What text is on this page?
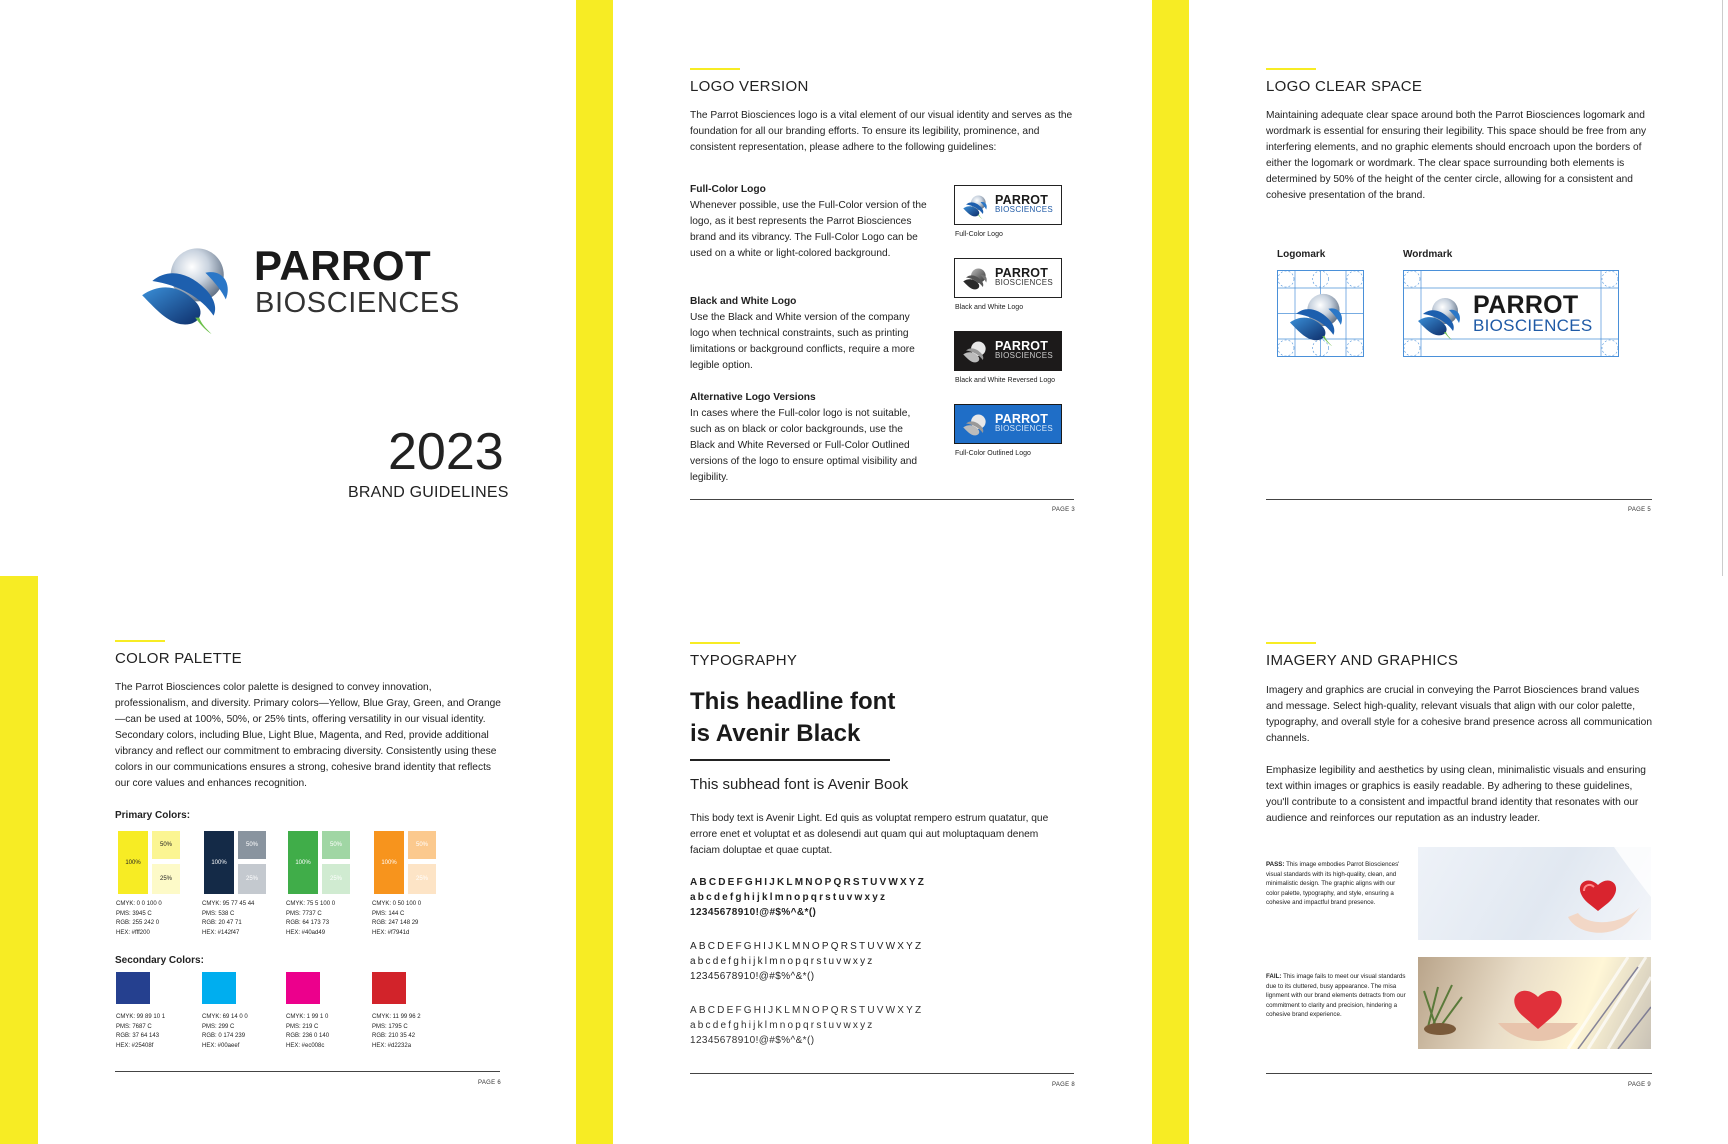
PARROT
BIOSCIENCES
2023
BRAND GUIDELINES
LOGO VERSION
The Parrot Biosciences logo is a vital element of our visual identity and serves as the foundation for all our branding efforts. To ensure its legibility, prominence, and consistent representation, please adhere to the following guidelines:
Full-Color Logo
Whenever possible, use the Full-Color version of the logo, as it best represents the Parrot Biosciences brand and its vibrancy. The Full-Color Logo can be used on a white or light-colored background.
Black and White Logo
Use the Black and White version of the company logo when technical constraints, such as printing limitations or background conflicts, require a more legible option.
Alternative Logo Versions
In cases where the Full-color logo is not suitable, such as on black or color backgrounds, use the Black and White Reversed or Full-Color Outlined versions of the logo to ensure optimal visibility and legibility.
PARROT
BIOSCIENCES
Full-Color Logo
PARROT
BIOSCIENCES
Black and White Logo
PARROT
BIOSCIENCES
Black and White Reversed Logo
PARROT
BIOSCIENCES
Full-Color Outlined Logo
PAGE 3
LOGO CLEAR SPACE
Maintaining adequate clear space around both the Parrot Biosciences logomark and wordmark is essential for ensuring their legibility. This space should be free from any interfering elements, and no graphic elements should encroach upon the borders of either the logomark or wordmark. The clear space surrounding both elements is determined by 50% of the height of the center circle, allowing for a consistent and cohesive presentation of the brand.
Logomark	Wordmark
PARROT
BIOSCIENCES
PAGE 5
COLOR PALETTE
The Parrot Biosciences color palette is designed to convey innovation, professionalism, and diversity. Primary colors—Yellow, Blue Gray, Green, and Orange—can be used at 100%, 50%, or 25% tints, offering versatility in our visual identity. Secondary colors, including Blue, Light Blue, Magenta, and Red, provide additional vibrancy and reflect our commitment to embracing diversity. Consistently using these colors in our communications ensures a strong, cohesive brand identity that reflects our core values and enhances recognition.
Primary Colors:
100%
50%
25%
CMYK: 0 0 100 0
PMS: 3945 C
RGB: 255 242 0
HEX: #fff200
100%
50%
25%
CMYK: 95 77 45 44
PMS: 538 C
RGB: 20 47 71
HEX: #142f47
100%
50%
25%
CMYK: 75 5 100 0
PMS: 7737 C
RGB: 64 173 73
HEX: #40ad49
100%
50%
25%
CMYK: 0 50 100 0
PMS: 144 C
RGB: 247 148 29
HEX: #f7941d
Secondary Colors:
CMYK: 99 89 10 1
PMS: 7687 C
RGB: 37 64 143
HEX: #25408f
CMYK: 69 14 0 0
PMS: 299 C
RGB: 0 174 239
HEX: #00aeef
CMYK: 1 99 1 0
PMS: 219 C
RGB: 236 0 140
HEX: #ec008c
CMYK: 11 99 96 2
PMS: 1795 C
RGB: 210 35 42
HEX: #d2232a
PAGE 6
TYPOGRAPHY
This headline font
is Avenir Black
This subhead font is Avenir Book
This body text is Avenir Light. Ed quis as voluptat rempero estrum quatatur, que errore enet et voluptat et as dolesendi aut quam qui aut moluptaquam denem faciam doluptae et quae cuptat.
ABCDEFGHIJKLMNOPQRSTUVWXYZ
abcdefghijklmnopqrstuvwxyz
12345678910!@#$%^&*()
ABCDEFGHIJKLMNOPQRSTUVWXYZ
abcdefghijklmnopqrstuvwxyz
12345678910!@#$%^&*()
ABCDEFGHIJKLMNOPQRSTUVWXYZ
abcdefghijklmnopqrstuvwxyz
12345678910!@#$%^&*()
PAGE 8
IMAGERY AND GRAPHICS
Imagery and graphics are crucial in conveying the Parrot Biosciences brand values and message. Select high-quality, relevant visuals that align with our color palette, typography, and overall style for a cohesive brand presence across all communication channels.
Emphasize legibility and aesthetics by using clean, minimalistic visuals and ensuring text within images or graphics is easily readable. By adhering to these guidelines, you'll contribute to a consistent and impactful brand identity that resonates with our audience and reinforces our reputation as an industry leader.
PASS: This image embodies Parrot Biosciences' visual standards with its high-quality, clean, and minimalistic design. The graphic aligns with our color palette, typography, and style, ensuring a cohesive and impactful brand presence.
FAIL: This image fails to meet our visual standards due to its cluttered, busy appearance. The misa lignment with our brand elements detracts from our commitment to clarity and precision, hindering a cohesive brand experience.
PAGE 9
